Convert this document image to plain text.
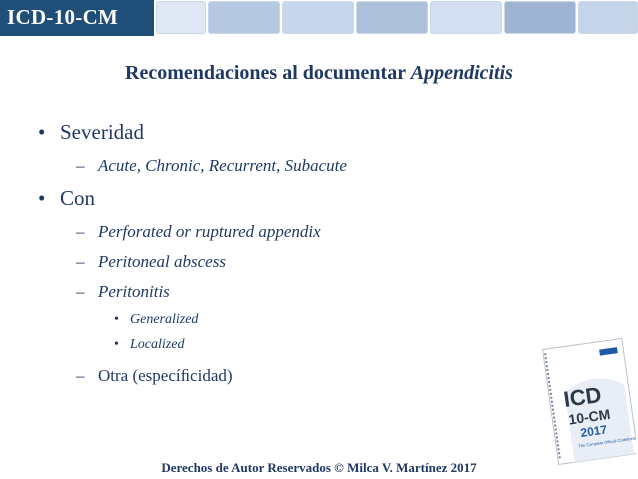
ICD-10-CM
Recomendaciones al documentar Appendicitis
• Severidad
– Acute, Chronic, Recurrent, Subacute
• Con
– Perforated or ruptured appendix
– Peritoneal abscess
– Peritonitis
• Generalized
• Localized
– Otra (especíﬁcidad)
ICD
10-CM
2017
The Complete Official Codebook
Derechos de Autor Reservados © Milca V. Martínez 2017
